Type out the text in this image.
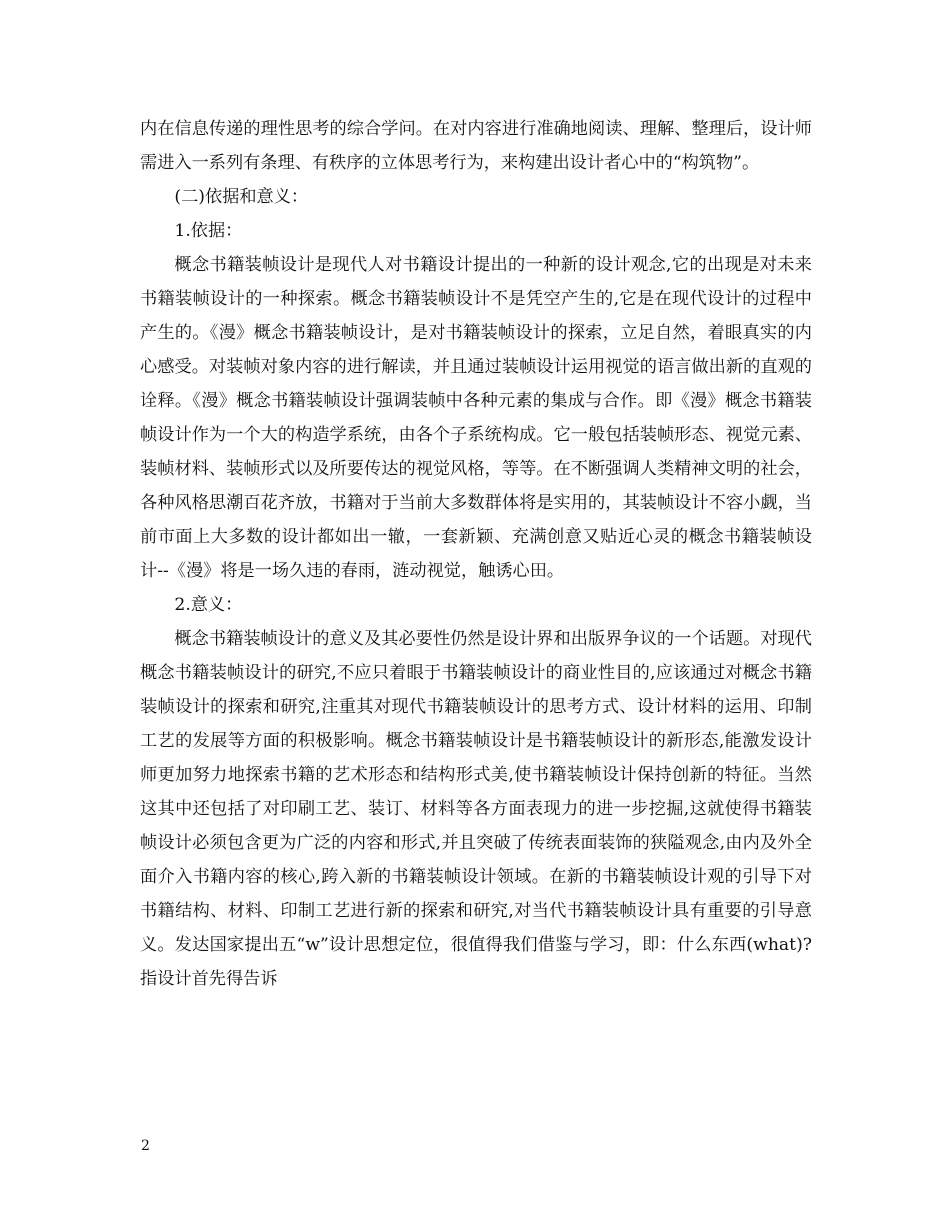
内在信息传递的理性思考的综合学问。在对内容进行准确地阅读、理解、整理后，设计师需进入一系列有条理、有秩序的立体思考行为，来构建出设计者心中的“构筑物”。

(二)依据和意义：

1.依据：

概念书籍装帧设计是现代人对书籍设计提出的一种新的设计观念,它的出现是对未来书籍装帧设计的一种探索。概念书籍装帧设计不是凭空产生的,它是在现代设计的过程中产生的。《漫》概念书籍装帧设计，是对书籍装帧设计的探索，立足自然，着眼真实的内心感受。对装帧对象内容的进行解读，并且通过装帧设计运用视觉的语言做出新的直观的诠释。《漫》概念书籍装帧设计强调装帧中各种元素的集成与合作。即《漫》概念书籍装帧设计作为一个大的构造学系统，由各个子系统构成。它一般包括装帧形态、视觉元素、装帧材料、装帧形式以及所要传达的视觉风格，等等。在不断强调人类精神文明的社会，各种风格思潮百花齐放，书籍对于当前大多数群体将是实用的，其装帧设计不容小觑，当前市面上大多数的设计都如出一辙，一套新颖、充满创意又贴近心灵的概念书籍装帧设计--《漫》将是一场久违的春雨，涟动视觉，触诱心田。

2.意义：

概念书籍装帧设计的意义及其必要性仍然是设计界和出版界争议的一个话题。对现代概念书籍装帧设计的研究,不应只着眼于书籍装帧设计的商业性目的,应该通过对概念书籍装帧设计的探索和研究,注重其对现代书籍装帧设计的思考方式、设计材料的运用、印制工艺的发展等方面的积极影响。概念书籍装帧设计是书籍装帧设计的新形态,能激发设计师更加努力地探索书籍的艺术形态和结构形式美,使书籍装帧设计保持创新的特征。当然这其中还包括了对印刷工艺、装订、材料等各方面表现力的进一步挖掘,这就使得书籍装帧设计必须包含更为广泛的内容和形式,并且突破了传统表面装饰的狭隘观念,由内及外全面介入书籍内容的核心,跨入新的书籍装帧设计领域。在新的书籍装帧设计观的引导下对书籍结构、材料、印制工艺进行新的探索和研究,对当代书籍装帧设计具有重要的引导意义。发达国家提出五“w”设计思想定位，很值得我们借鉴与学习，即：什么东西(what)?指设计首先得告诉

2
